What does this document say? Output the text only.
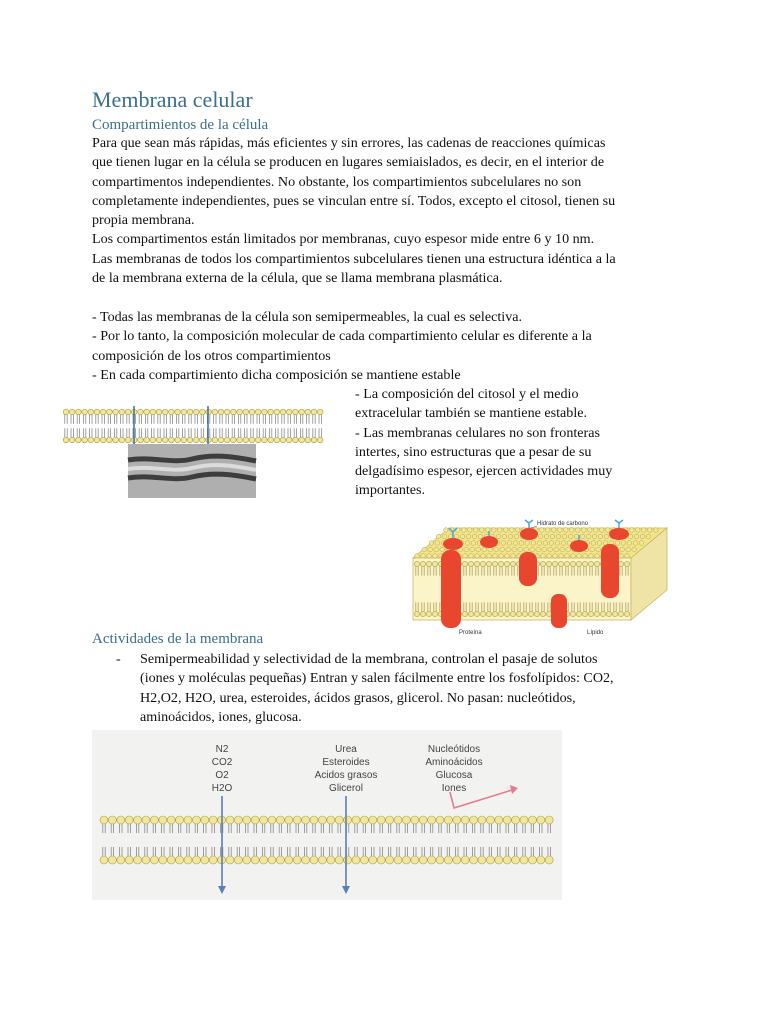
Membrana celular
Compartimientos de la célula
Para que sean más rápidas, más eficientes y sin errores, las cadenas de reacciones químicas
que tienen lugar en la célula se producen en lugares semiaislados, es decir, en el interior de
compartimentos independientes. No obstante, los compartimientos subcelulares no son
completamente independientes, pues se vinculan entre sí. Todos, excepto el citosol, tienen su
propia membrana.
Los compartimentos están limitados por membranas, cuyo espesor mide entre 6 y 10 nm.
Las membranas de todos los compartimientos subcelulares tienen una estructura idéntica a la
de la membrana externa de la célula, que se llama membrana plasmática.
- Todas las membranas de la célula son semipermeables, la cual es selectiva.
- Por lo tanto, la composición molecular de cada compartimiento celular es diferente a la
composición de los otros compartimientos
- En cada compartimiento dicha composición se mantiene estable
- La composición del citosol y el medio
extracelular también se mantiene estable.
- Las membranas celulares no son fronteras
intertes, sino estructuras que a pesar de su
delgadísimo espesor, ejercen actividades muy
importantes.
Hidrato de carbono
Proteína	Lípido
Actividades de la membrana
- Semipermeabilidad y selectividad de la membrana, controlan el pasaje de solutos
(iones y moléculas pequeñas) Entran y salen fácilmente entre los fosfolípidos: CO2,
H2,O2, H2O, urea, esteroides, ácidos grasos, glicerol. No pasan: nucleótidos,
aminoácidos, iones, glucosa.
N2
CO2
O2
H2O
Urea
Esteroides
Acidos grasos
Glicerol
Nucleótidos
Aminoácidos
Glucosa
Iones
